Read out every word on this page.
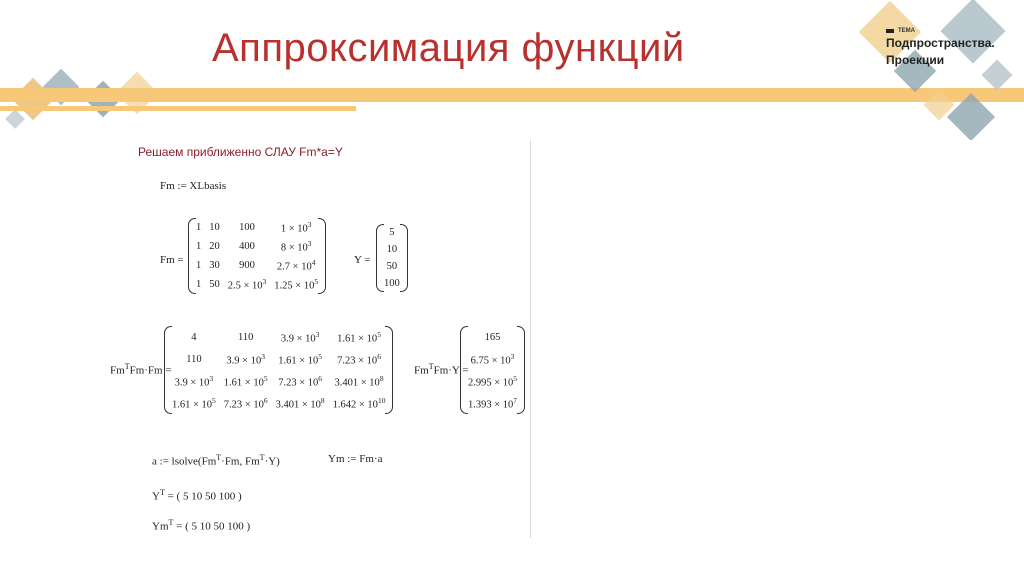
Аппроксимация функций	ТЕМА
Подпространства.
Проекции
Решаем приближенно СЛАУ Fm*a=Y
Fm := XLbasis
Fm =
1	10	100	$1 \times 10^3$
1	20	400	$8 \times 10^3$
1	30	900	$2.7 \times 10^4$
1	50	$2.5 \times 10^3$	$1.25 \times 10^5$
Y =
5
10
50
100
$Fm^TFm\cdot Fm$ =
4	110	$3.9 \times 10^3$	$1.61 \times 10^5$
110	$3.9 \times 10^3$	$1.61 \times 10^5$	$7.23 \times 10^6$
$3.9 \times 10^3$	$1.61 \times 10^5$	$7.23 \times 10^6$	$3.401 \times 10^8$
$1.61 \times 10^5$	$7.23 \times 10^6$	$3.401 \times 10^8$	$1.642 \times 10^{10}$
$Fm^TFm\cdot Y$ =
165
$6.75 \times 10^3$
$2.995 \times 10^5$
$1.393 \times 10^7$
a := $lsolve(Fm^T\cdot Fm$, $Fm^T\cdot Y$)	Ym := Fm·a
$Y^T$ = ( 5 10 50 100 )
$Ym^T$ = ( 5 10 50 100 )
